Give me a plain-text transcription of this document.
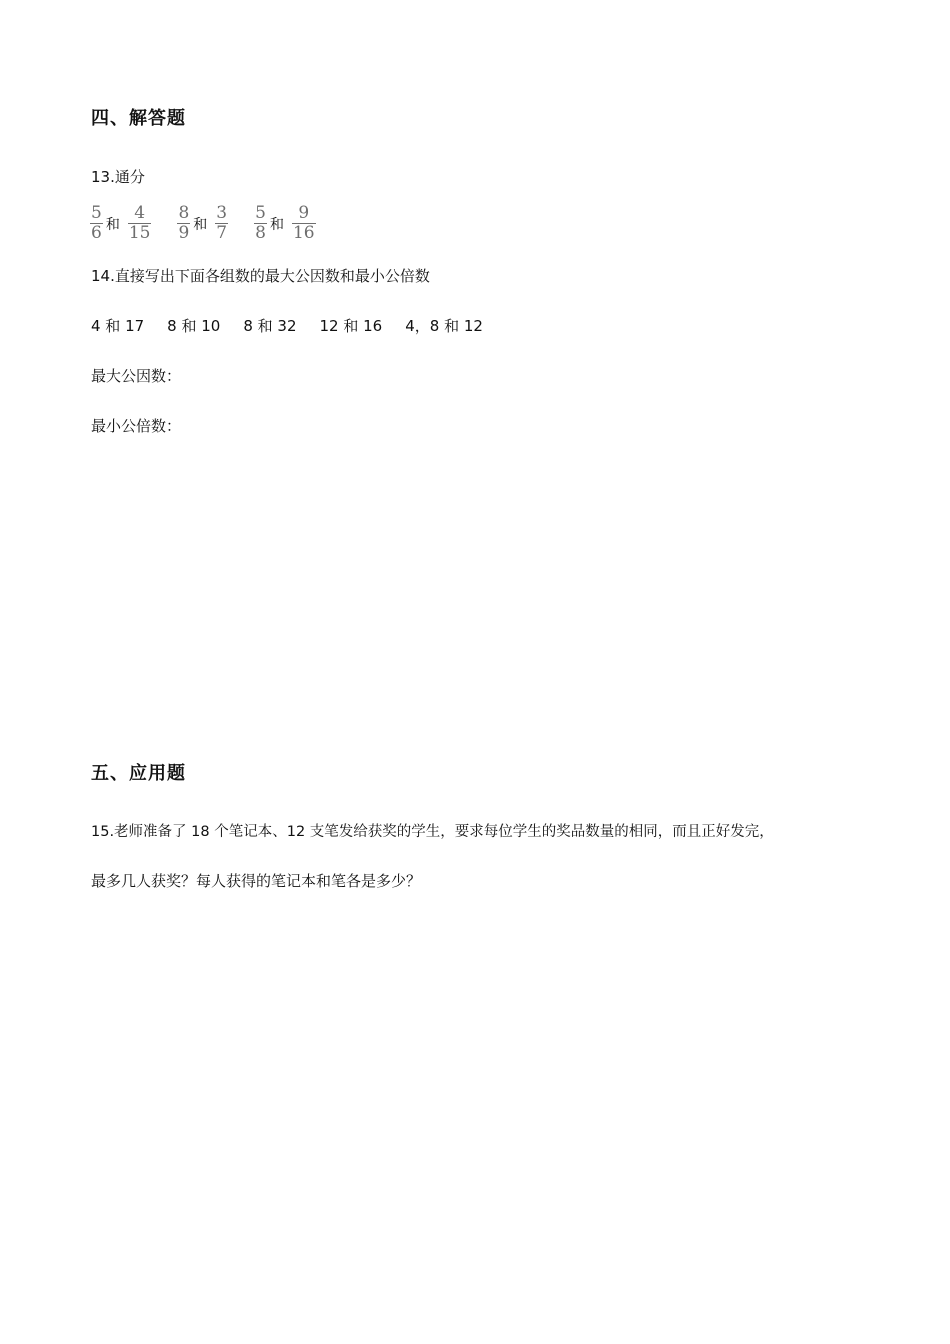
四、解答题
13.通分
$\frac{5}{6}$ 和 $\frac{4}{15} \frac{8}{9}$ 和 $\frac{3}{7} \frac{5}{8}$ 和 $\frac{9}{16}$
14.直接写出下面各组数的最大公因数和最小公倍数
4 和 17 8 和 10 8 和 32 12 和 16 4，8 和 12
最大公因数：
最小公倍数：
五、应用题
15.老师准备了 18 个笔记本、12 支笔发给获奖的学生，要求每位学生的奖品数量的相同，而且正好发完，
最多几人获奖？每人获得的笔记本和笔各是多少？
